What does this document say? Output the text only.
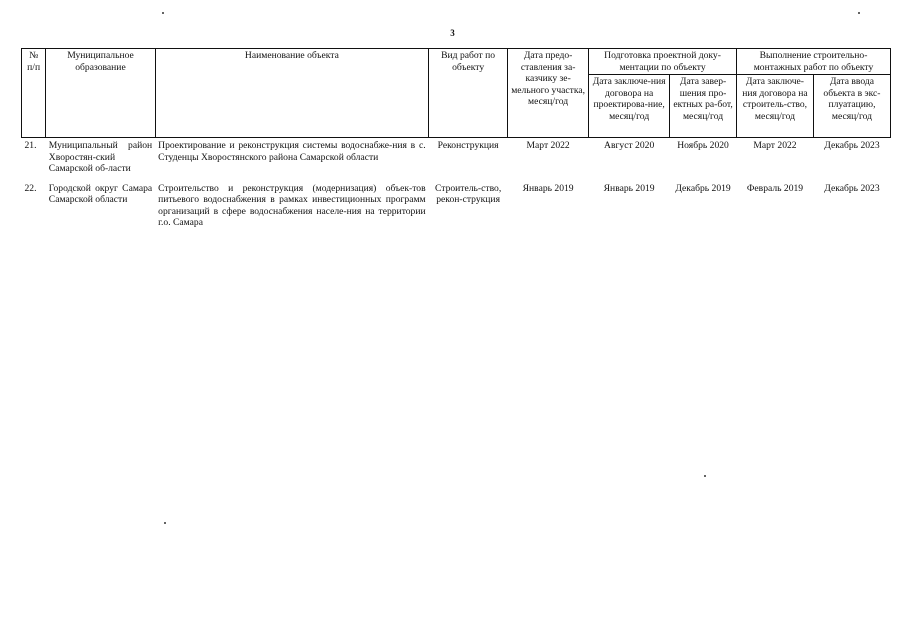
3
№ п/п	Муниципальное образование	Наименование объекта	Вид работ по объекту	Дата предо-ставления за-казчику зе-мельного участка, месяц/год	Подготовка проектной доку-ментации по объекту		Выполнение строительно-монтажных работ по объекту	
					Дата заключе-ния договора на проектирова-ние, месяц/год	Дата завер-шения про-ектных ра-бот, месяц/год	Дата заключе-ния договора на строитель-ство, месяц/год	Дата ввода объекта в экс-плуатацию, месяц/год
21.	Муниципальный район Хворостян-ский Самарской об-ласти	Проектирование и реконструкция системы водоснабже-ния в с. Студенцы Хворостянского района Самарской области	Реконструкция	Март 2022	Август 2020	Ноябрь 2020	Март 2022	Декабрь 2023
22.	Городской округ Самара Самарской области	Строительство и реконструкция (модернизация) объек-тов питьевого водоснабжения в рамках инвестиционных программ организаций в сфере водоснабжения населе-ния на территории г.о. Самара	Строитель-ство, рекон-струкция	Январь 2019	Январь 2019	Декабрь 2019	Февраль 2019	Декабрь 2023
